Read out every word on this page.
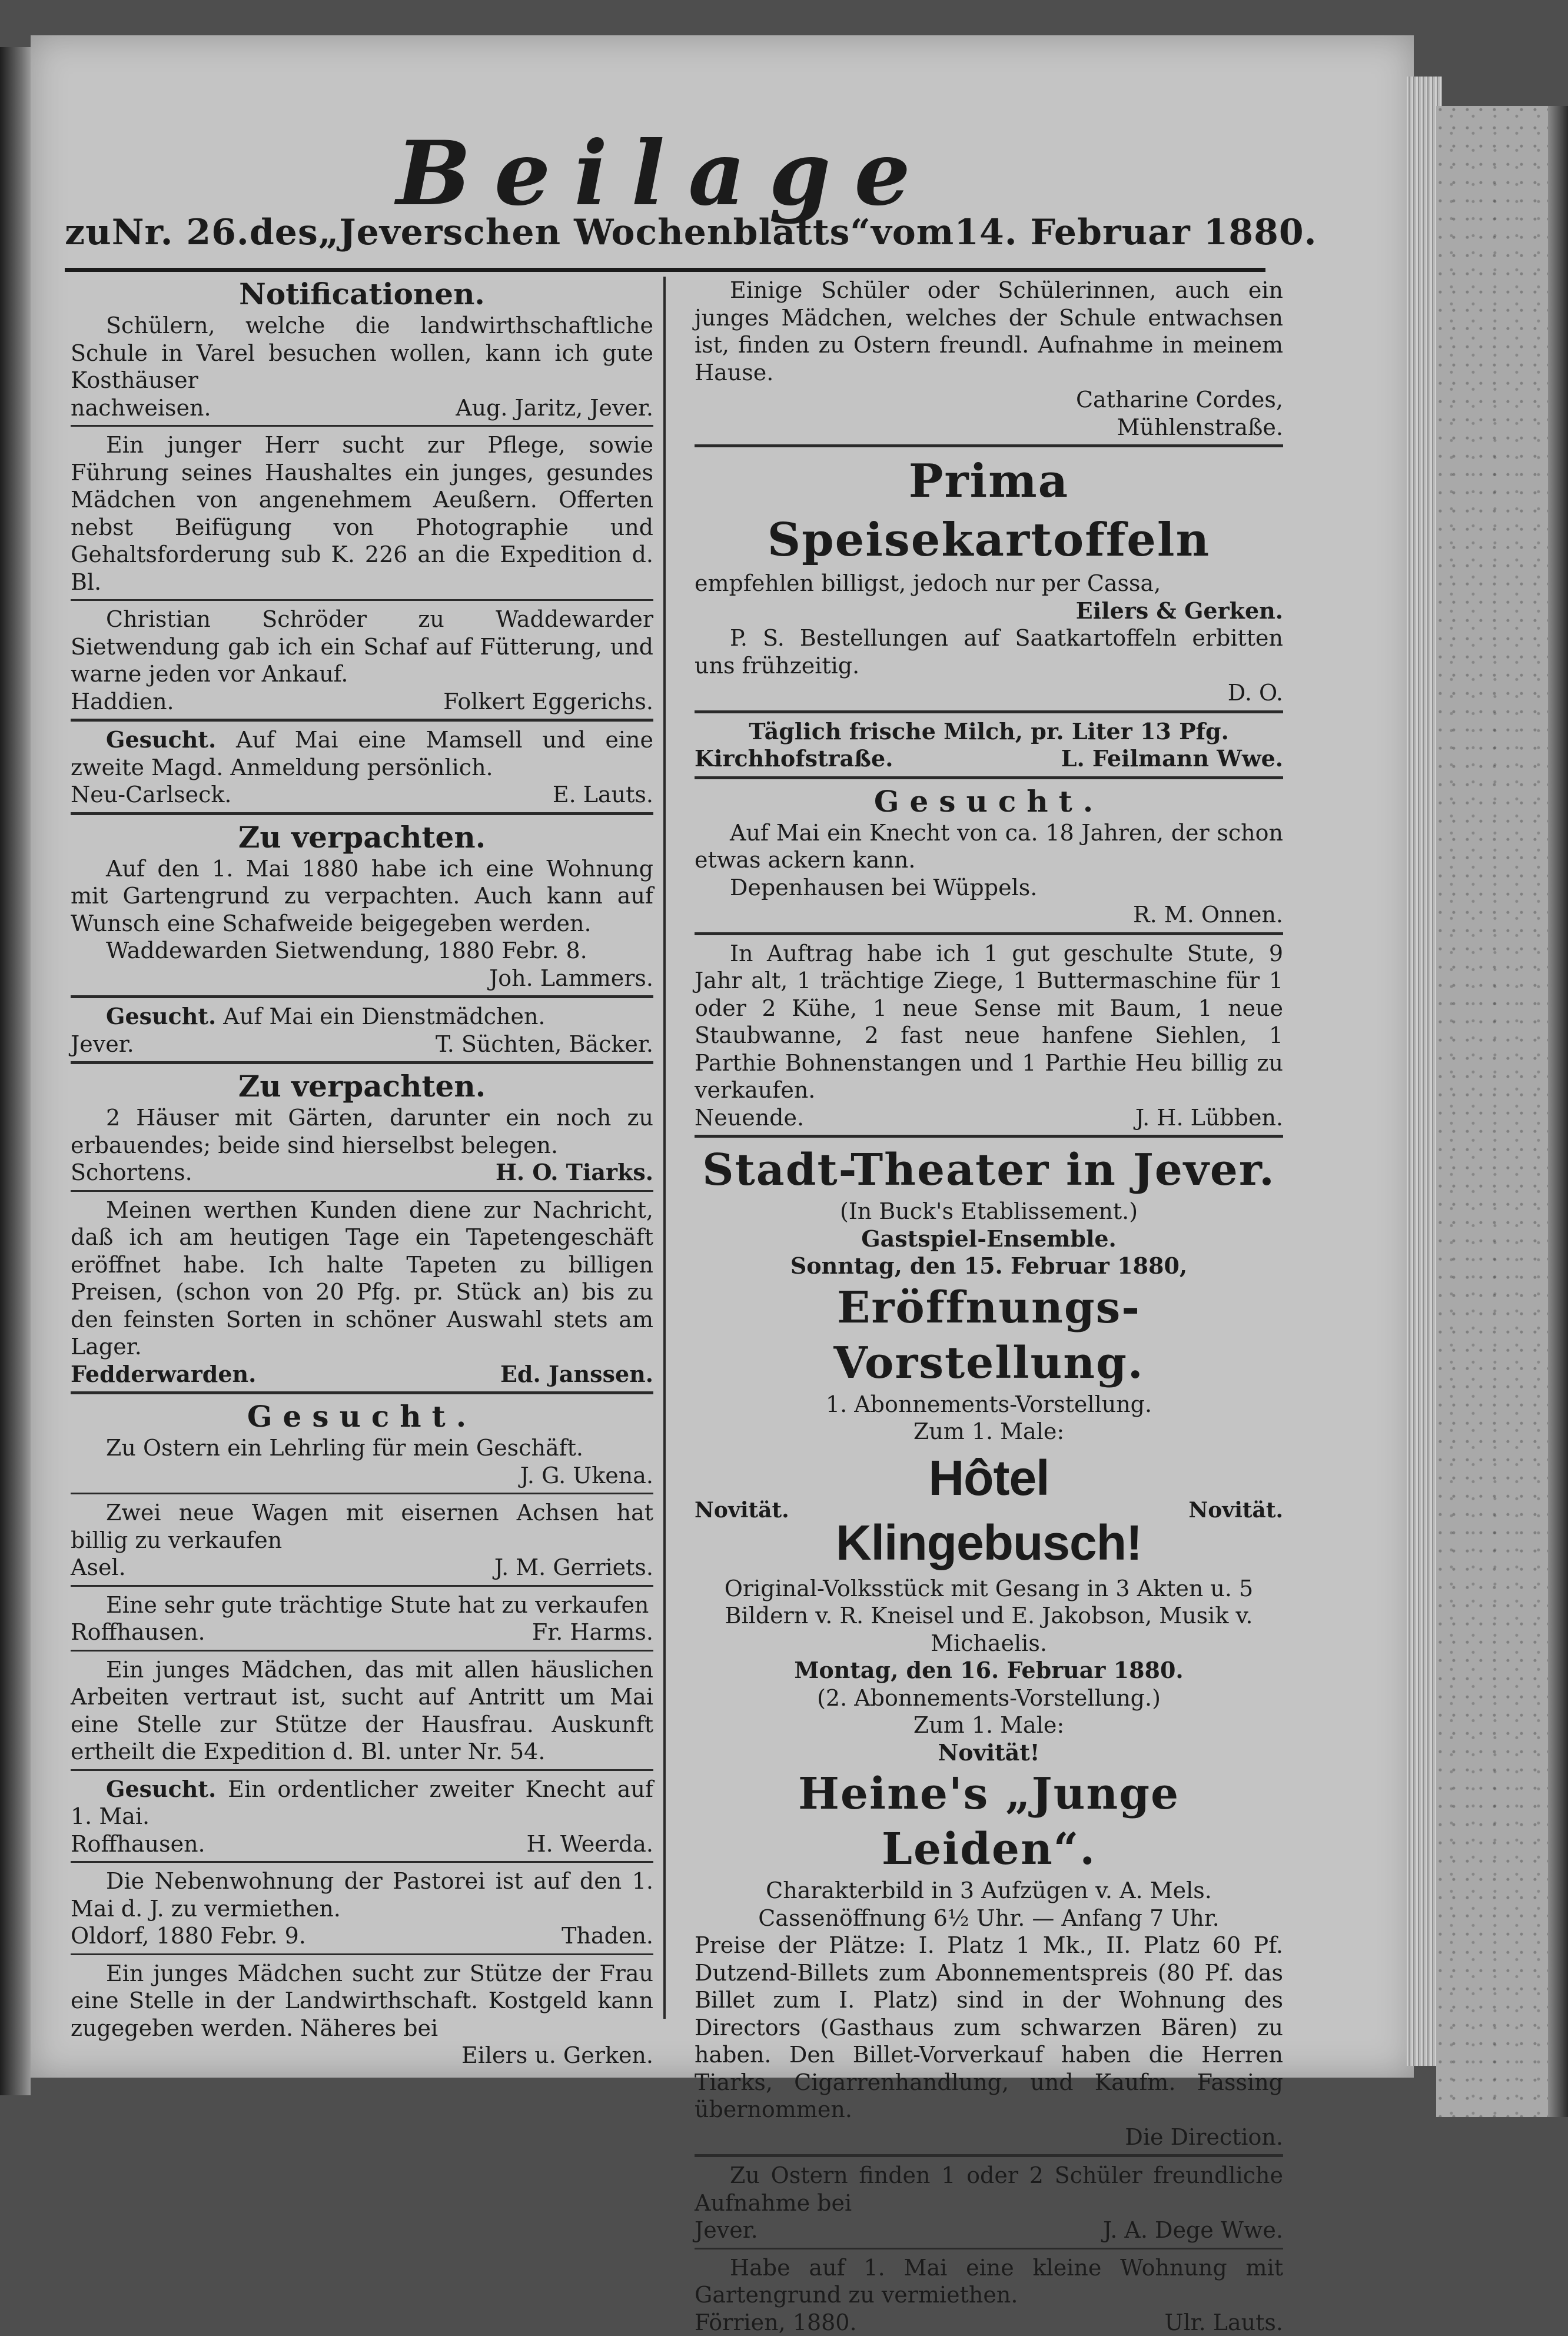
Beilage
zu Nr. 26. des „Jeverschen Wochenblatts“ vom 14. Februar 1880.
Notificationen.

Schülern, welche die landwirthschaftliche Schule in Varel besuchen wollen, kann ich gute Kosthäuser

nachweisen.	Aug. Jaritz, Jever.

Ein junger Herr sucht zur Pflege, sowie Führung seines Haushaltes ein junges, gesundes Mädchen von angenehmem Aeußern. Offerten nebst Beifügung von Photographie und Gehaltsforderung sub K. 226 an die Expedition d. Bl.

Christian Schröder zu Waddewarder Sietwendung gab ich ein Schaf auf Fütterung, und warne jeden vor Ankauf.

Haddien.	Folkert Eggerichs.

Gesucht. Auf Mai eine Mamsell und eine zweite Magd. Anmeldung persönlich.

Neu-Carlseck.	E. Lauts.
Zu verpachten.

Auf den 1. Mai 1880 habe ich eine Wohnung mit Gartengrund zu verpachten. Auch kann auf Wunsch eine Schafweide beigegeben werden.

Waddewarden Sietwendung, 1880 Febr. 8.

Joh. Lammers.

Gesucht. Auf Mai ein Dienstmädchen.

Jever.	T. Süchten, Bäcker.
Zu verpachten.

2 Häuser mit Gärten, darunter ein noch zu erbauendes; beide sind hierselbst belegen.

Schortens.	H. O. Tiarks.

Meinen werthen Kunden diene zur Nachricht, daß ich am heutigen Tage ein Tapetengeschäft eröffnet habe. Ich halte Tapeten zu billigen Preisen, (schon von 20 Pfg. pr. Stück an) bis zu den feinsten Sorten in schöner Auswahl stets am Lager.

Fedderwarden.	Ed. Janssen.
Gesucht.

Zu Ostern ein Lehrling für mein Geschäft.

J. G. Ukena.

Zwei neue Wagen mit eisernen Achsen hat billig zu verkaufen

Asel.	J. M. Gerriets.

Eine sehr gute trächtige Stute hat zu verkaufen

Roffhausen.	Fr. Harms.

Ein junges Mädchen, das mit allen häuslichen Arbeiten vertraut ist, sucht auf Antritt um Mai eine Stelle zur Stütze der Hausfrau. Auskunft ertheilt die Expedition d. Bl. unter Nr. 54.

Gesucht. Ein ordentlicher zweiter Knecht auf 1. Mai.

Roffhausen.	H. Weerda.

Die Nebenwohnung der Pastorei ist auf den 1. Mai d. J. zu vermiethen.

Oldorf, 1880 Febr. 9.	Thaden.

Ein junges Mädchen sucht zur Stütze der Frau eine Stelle in der Landwirthschaft. Kostgeld kann zugegeben werden. Näheres bei

Eilers u. Gerken.

Einige Schüler oder Schülerinnen, auch ein junges Mädchen, welches der Schule entwachsen ist, finden zu Ostern freundl. Aufnahme in meinem Hause.

Catharine Cordes,
Mühlenstraße.
Prima Speisekartoffeln

empfehlen billigst, jedoch nur per Cassa,

Eilers & Gerken.

P. S. Bestellungen auf Saatkartoffeln erbitten uns frühzeitig.

D. O.

Täglich frische Milch, pr. Liter 13 Pfg.

Kirchhofstraße.	L. Feilmann Wwe.
Gesucht.

Auf Mai ein Knecht von ca. 18 Jahren, der schon etwas ackern kann.

Depenhausen bei Wüppels.

R. M. Onnen.

In Auftrag habe ich 1 gut geschulte Stute, 9 Jahr alt, 1 trächtige Ziege, 1 Buttermaschine für 1 oder 2 Kühe, 1 neue Sense mit Baum, 1 neue Staubwanne, 2 fast neue hanfene Siehlen, 1 Parthie Bohnenstangen und 1 Parthie Heu billig zu verkaufen.

Neuende.	J. H. Lübben.
Stadt-Theater in Jever.

(In Buck's Etablissement.)

Gastspiel-Ensemble.

Sonntag, den 15. Februar 1880,

Eröffnungs-Vorstellung.

1. Abonnements-Vorstellung.

Zum 1. Male:

Novität.
Hôtel Klingebusch!
Novität.

Original-Volksstück mit Gesang in 3 Akten u. 5 Bildern v. R. Kneisel und E. Jakobson, Musik v. Michaelis.

Montag, den 16. Februar 1880.

(2. Abonnements-Vorstellung.)

Zum 1. Male:

Novität!

Heine's „Junge Leiden“.

Charakterbild in 3 Aufzügen v. A. Mels.

Cassenöffnung 6½ Uhr. — Anfang 7 Uhr.

Preise der Plätze: I. Platz 1 Mk., II. Platz 60 Pf. Dutzend-Billets zum Abonnementspreis (80 Pf. das Billet zum I. Platz) sind in der Wohnung des Directors (Gasthaus zum schwarzen Bären) zu haben. Den Billet-Vorverkauf haben die Herren Tiarks, Cigarrenhandlung, und Kaufm. Fassing übernommen.

Die Direction.

Zu Ostern finden 1 oder 2 Schüler freundliche Aufnahme bei

Jever.	J. A. Dege Wwe.

Habe auf 1. Mai eine kleine Wohnung mit Gartengrund zu vermiethen.

Förrien, 1880.	Ulr. Lauts.
